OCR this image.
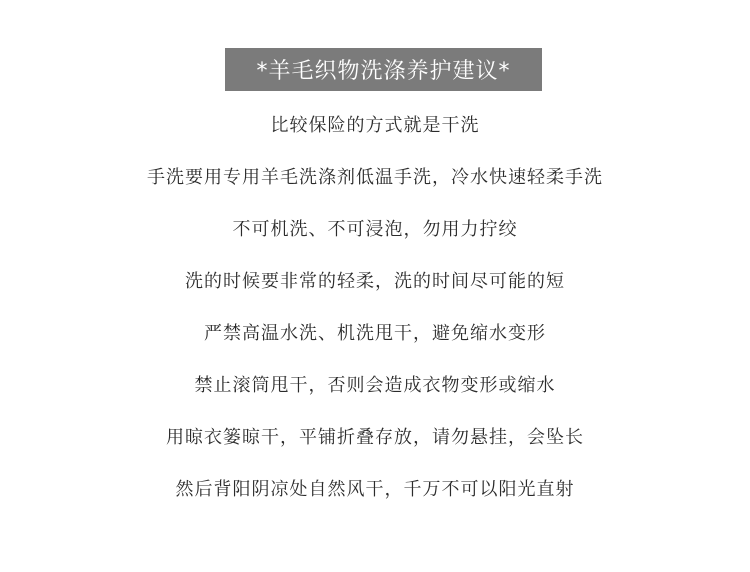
*羊毛织物洗涤养护建议*
比较保险的方式就是干洗
手洗要用专用羊毛洗涤剂低温手洗，冷水快速轻柔手洗
不可机洗、不可浸泡，勿用力拧绞
洗的时候要非常的轻柔，洗的时间尽可能的短
严禁高温水洗、机洗甩干，避免缩水变形
禁止滚筒甩干，否则会造成衣物变形或缩水
用晾衣篓晾干，平铺折叠存放，请勿悬挂，会坠长
然后背阳阴凉处自然风干，千万不可以阳光直射
